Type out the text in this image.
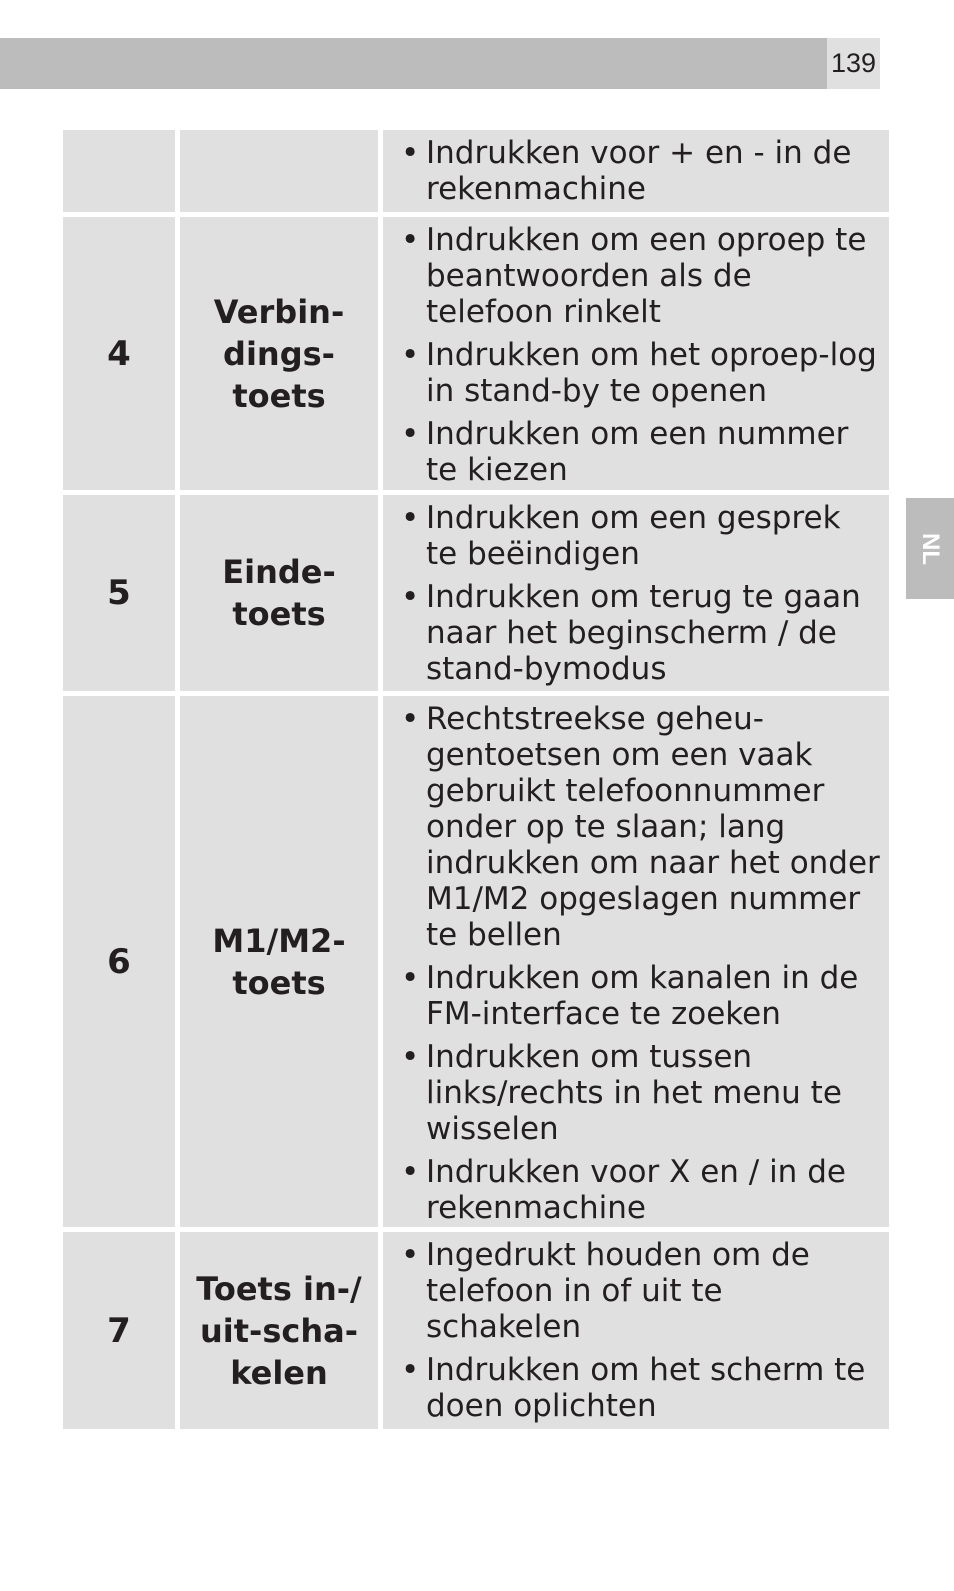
139
NL
• Indrukken voor + en - in de rekenmachine
4
Verbin-
dings-
toets
• Indrukken om een oproep te beantwoorden als de telefoon rinkelt
• Indrukken om het oproep-log in stand-by te openen
• Indrukken om een nummer te kiezen
5
Einde-
toets
• Indrukken om een gesprek te beëindigen
• Indrukken om terug te gaan naar het beginscherm / de stand-bymodus
6
M1/M2-
toets
• Rechtstreekse geheu-gentoetsen om een vaak gebruikt telefoonnummer onder op te slaan; lang indrukken om naar het onder M1/M2 opgeslagen nummer te bellen
• Indrukken om kanalen in de FM-interface te zoeken
• Indrukken om tussen links/rechts in het menu te wisselen
• Indrukken voor X en / in de rekenmachine
7
Toets in-/
uit-scha-
kelen
• Ingedrukt houden om de telefoon in of uit te schakelen
• Indrukken om het scherm te doen oplichten
